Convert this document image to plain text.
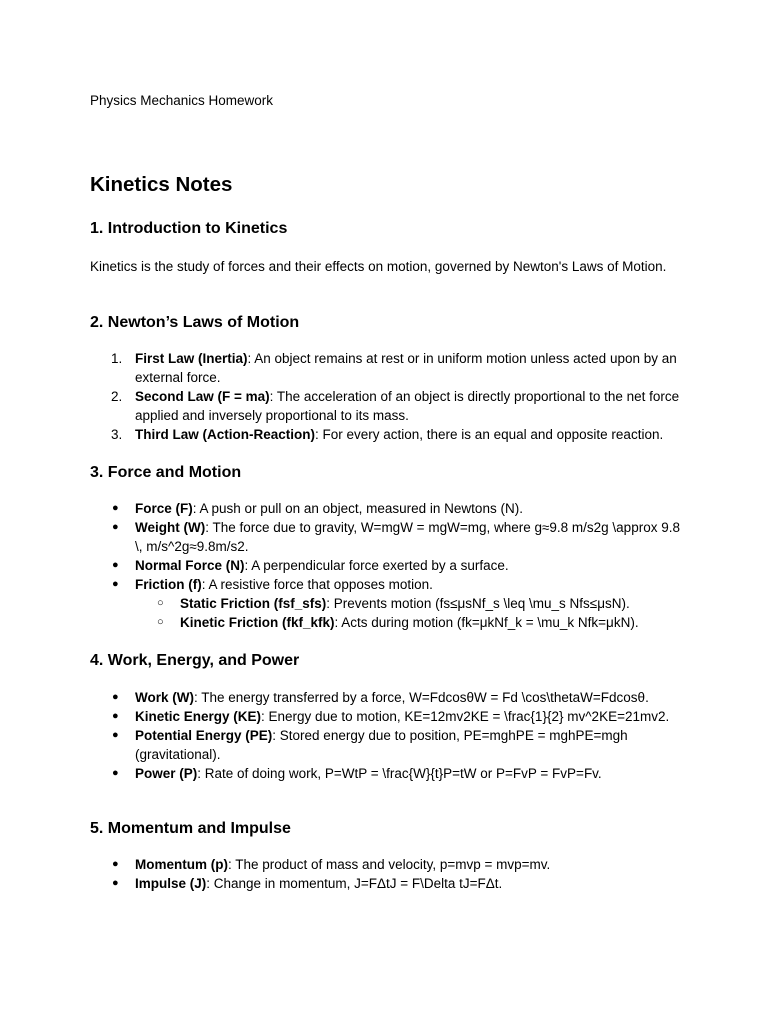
Physics Mechanics Homework
Kinetics Notes
1. Introduction to Kinetics

Kinetics is the study of forces and their effects on motion, governed by Newton's Laws of Motion.

2. Newton’s Laws of Motion
1. First Law (Inertia): An object remains at rest or in uniform motion unless acted upon by an external force.
2. Second Law (F = ma): The acceleration of an object is directly proportional to the net force applied and inversely proportional to its mass.
3. Third Law (Action-Reaction): For every action, there is an equal and opposite reaction.
3. Force and Motion
● Force (F): A push or pull on an object, measured in Newtons (N).
● Weight (W): The force due to gravity, W=mgW = mgW=mg, where g≈9.8 m/s2g \approx 9.8 \, m/s^2g≈9.8m/s2.
● Normal Force (N): A perpendicular force exerted by a surface.
● Friction (f): A resistive force that opposes motion.
○ Static Friction (fsf_sfs): Prevents motion (fs≤μsNf_s \leq \mu_s Nfs≤μsN).
○ Kinetic Friction (fkf_kfk): Acts during motion (fk=μkNf_k = \mu_k Nfk=μkN).
4. Work, Energy, and Power
● Work (W): The energy transferred by a force, W=FdcosθW = Fd \cos\thetaW=Fdcosθ.
● Kinetic Energy (KE): Energy due to motion, KE=12mv2KE = \frac{1}{2} mv^2KE=21mv2.
● Potential Energy (PE): Stored energy due to position, PE=mghPE = mghPE=mgh (gravitational).
● Power (P): Rate of doing work, P=WtP = \frac{W}{t}P=tW or P=FvP = FvP=Fv.
5. Momentum and Impulse
● Momentum (p): The product of mass and velocity, p=mvp = mvp=mv.
● Impulse (J): Change in momentum, J=FΔtJ = F\Delta tJ=FΔt.
